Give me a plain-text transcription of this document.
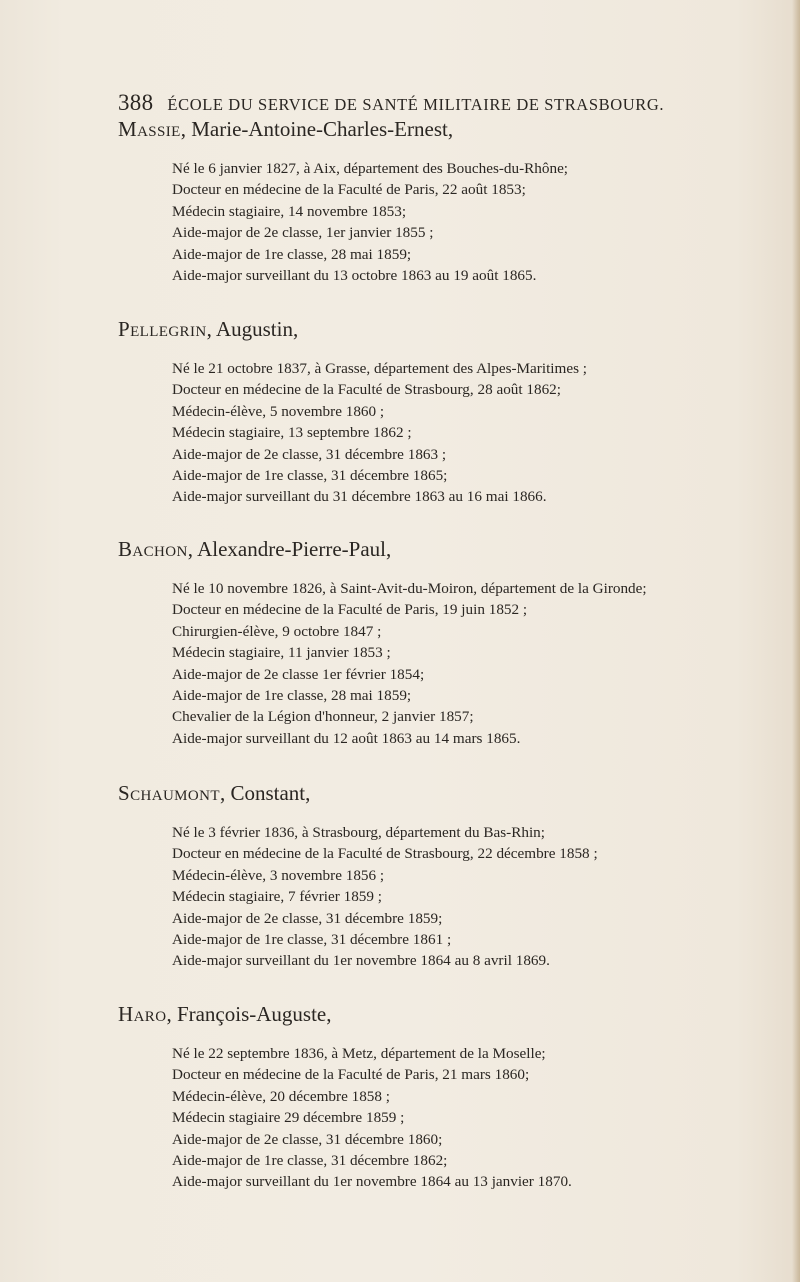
388 ÉCOLE DU SERVICE DE SANTÉ MILITAIRE DE STRASBOURG.

Massie, Marie-Antoine-Charles-Ernest,

Né le 6 janvier 1827, à Aix, département des Bouches-du-Rhône;

Docteur en médecine de la Faculté de Paris, 22 août 1853;

Médecin stagiaire, 14 novembre 1853;

Aide-major de 2e classe, 1er janvier 1855 ;

Aide-major de 1re classe, 28 mai 1859;

Aide-major surveillant du 13 octobre 1863 au 19 août 1865.

Pellegrin, Augustin,

Né le 21 octobre 1837, à Grasse, département des Alpes-Maritimes ;

Docteur en médecine de la Faculté de Strasbourg, 28 août 1862;

Médecin-élève, 5 novembre 1860 ;

Médecin stagiaire, 13 septembre 1862 ;

Aide-major de 2e classe, 31 décembre 1863 ;

Aide-major de 1re classe, 31 décembre 1865;

Aide-major surveillant du 31 décembre 1863 au 16 mai 1866.

Bachon, Alexandre-Pierre-Paul,

Né le 10 novembre 1826, à Saint-Avit-du-Moiron, département de la Gironde;

Docteur en médecine de la Faculté de Paris, 19 juin 1852 ;

Chirurgien-élève, 9 octobre 1847 ;

Médecin stagiaire, 11 janvier 1853 ;

Aide-major de 2e classe 1er février 1854;

Aide-major de 1re classe, 28 mai 1859;

Chevalier de la Légion d'honneur, 2 janvier 1857;

Aide-major surveillant du 12 août 1863 au 14 mars 1865.

Schaumont, Constant,

Né le 3 février 1836, à Strasbourg, département du Bas-Rhin;

Docteur en médecine de la Faculté de Strasbourg, 22 décembre 1858 ;

Médecin-élève, 3 novembre 1856 ;

Médecin stagiaire, 7 février 1859 ;

Aide-major de 2e classe, 31 décembre 1859;

Aide-major de 1re classe, 31 décembre 1861 ;

Aide-major surveillant du 1er novembre 1864 au 8 avril 1869.

Haro, François-Auguste,

Né le 22 septembre 1836, à Metz, département de la Moselle;

Docteur en médecine de la Faculté de Paris, 21 mars 1860;

Médecin-élève, 20 décembre 1858 ;

Médecin stagiaire 29 décembre 1859 ;

Aide-major de 2e classe, 31 décembre 1860;

Aide-major de 1re classe, 31 décembre 1862;

Aide-major surveillant du 1er novembre 1864 au 13 janvier 1870.
